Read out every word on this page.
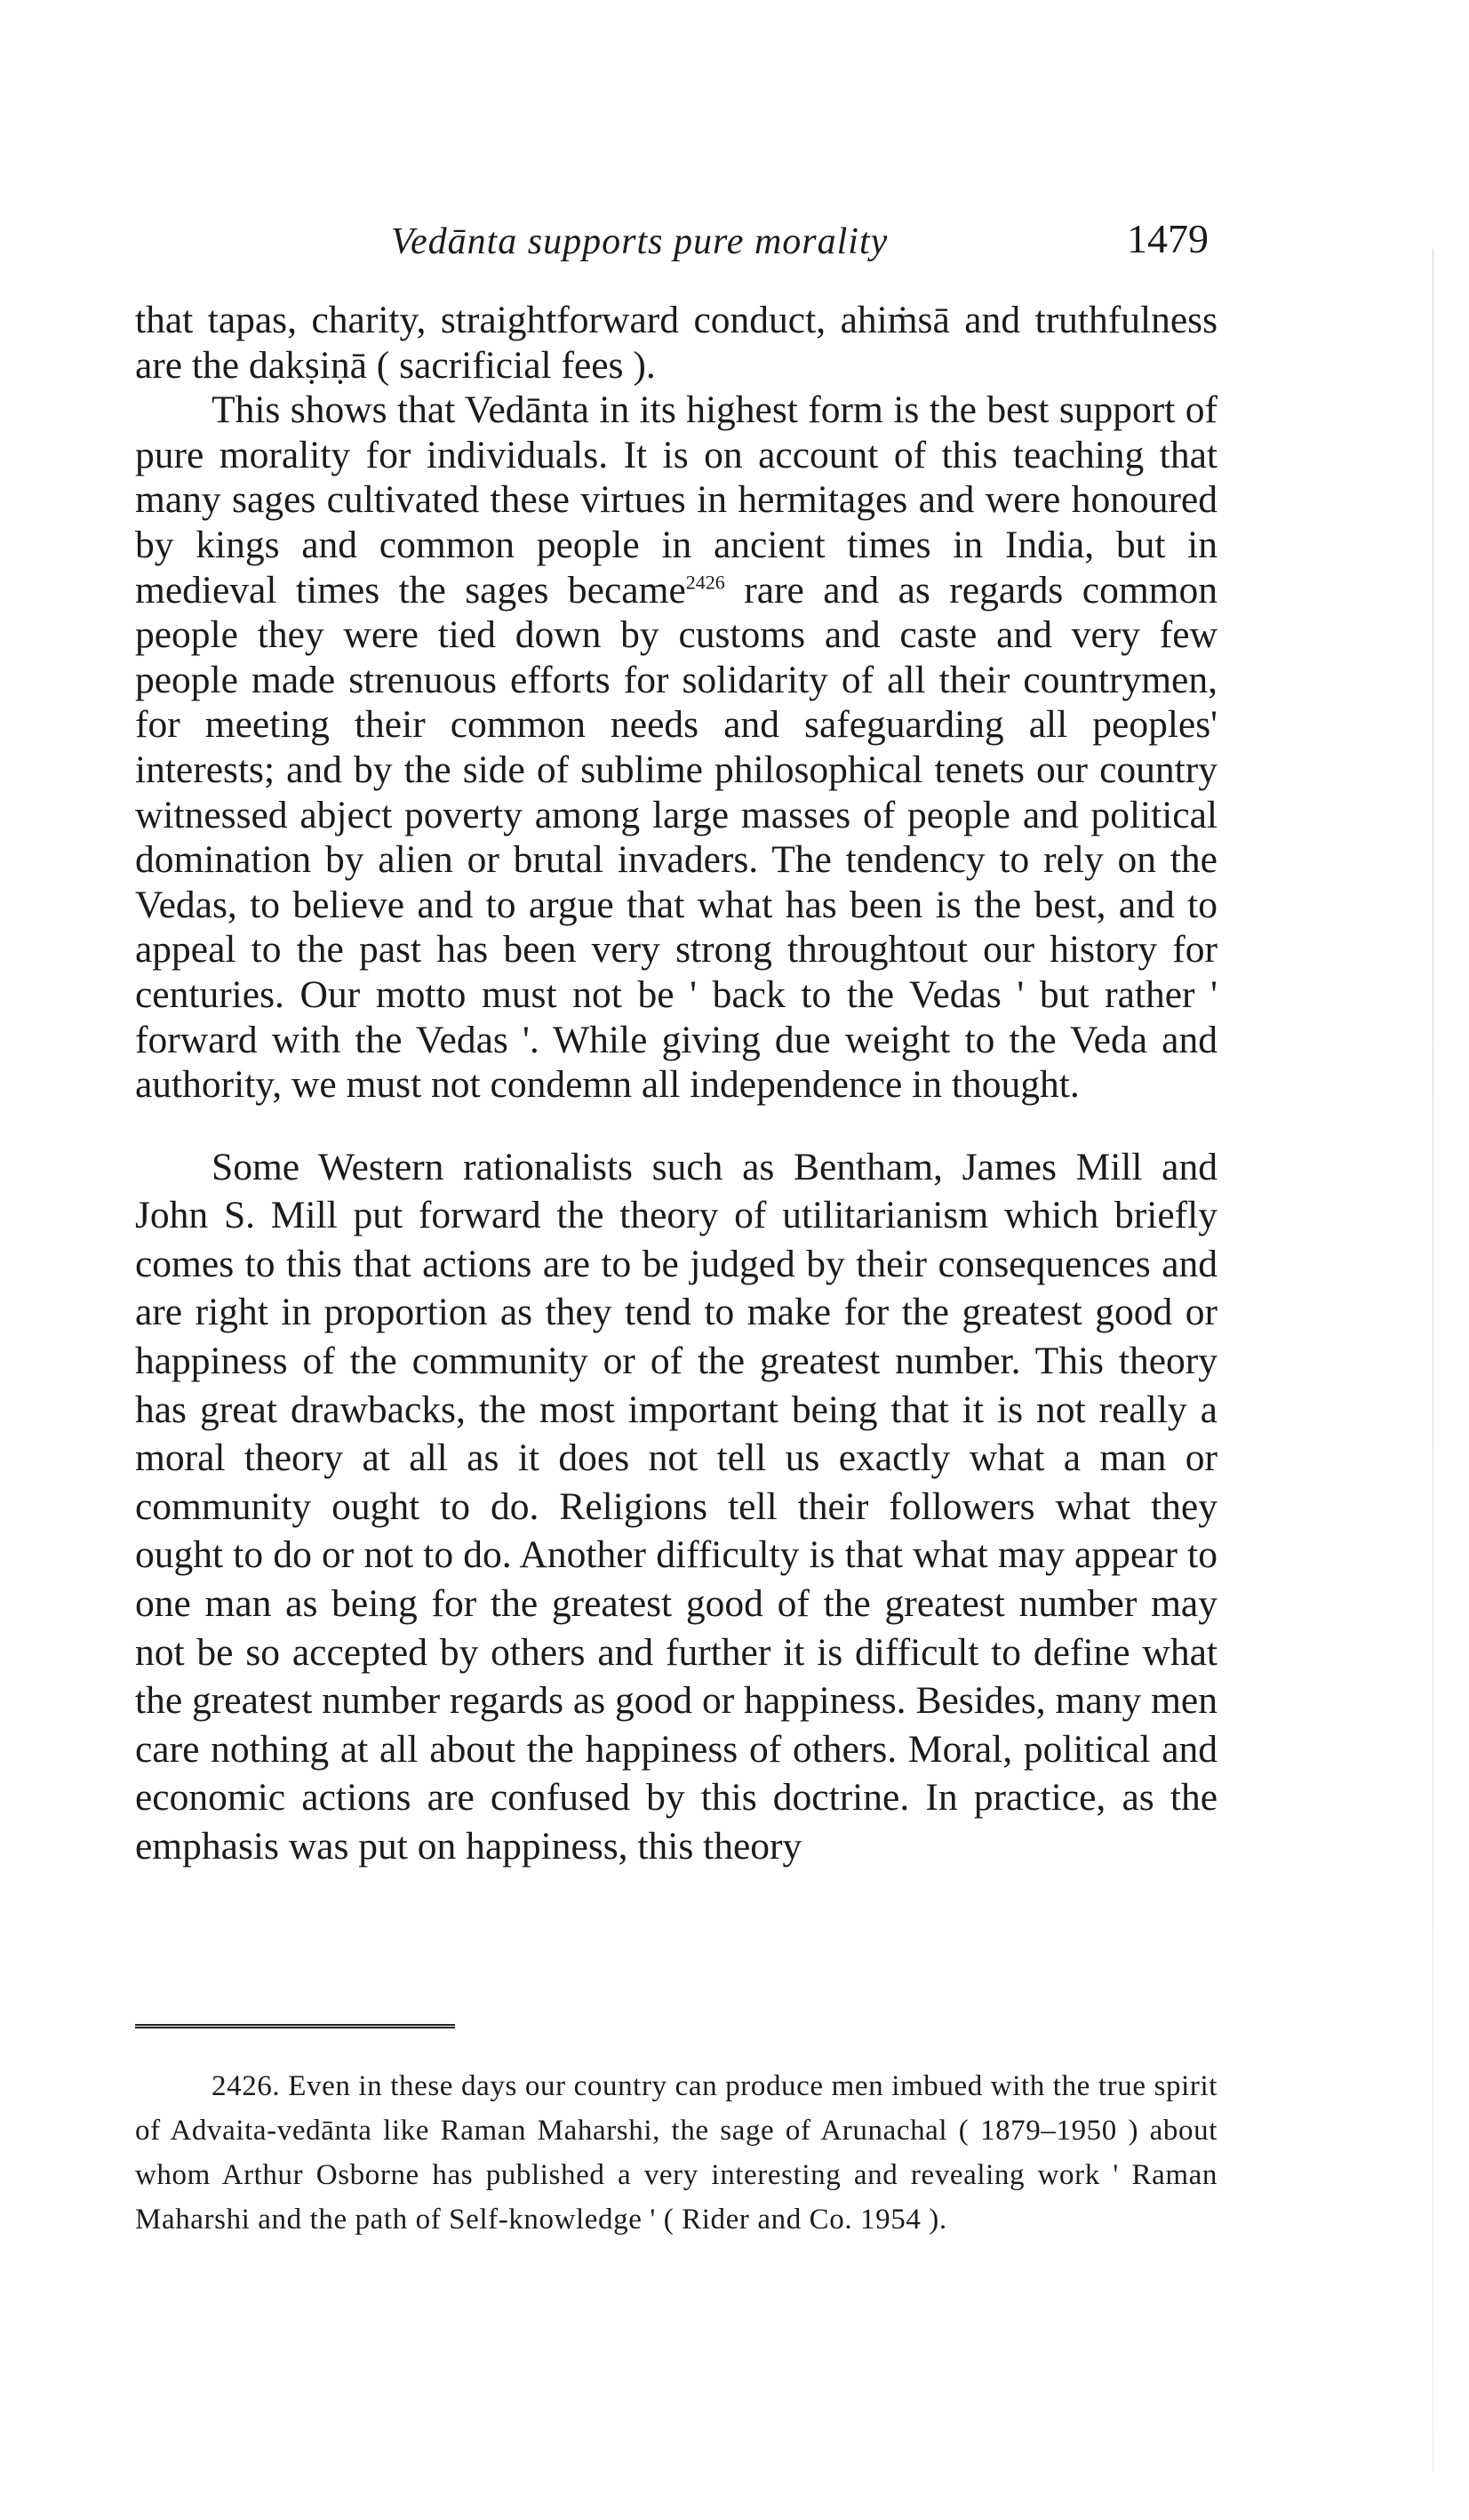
Vedānta supports pure morality	1479

that tapas, charity, straightforward conduct, ahiṁsā and truthfulness are the dakṣiṇā ( sacrificial fees ).

This shows that Vedānta in its highest form is the best support of pure morality for individuals. It is on account of this teaching that many sages cultivated these virtues in hermitages and were honoured by kings and common people in ancient times in India, but in medieval times the sages became$^{2426}$ rare and as regards common people they were tied down by customs and caste and very few people made strenuous efforts for solidarity of all their countrymen, for meeting their common needs and safeguarding all peoples' interests; and by the side of sublime philosophical tenets our country witnessed abject poverty among large masses of people and political domination by alien or brutal invaders. The tendency to rely on the Vedas, to believe and to argue that what has been is the best, and to appeal to the past has been very strong throughtout our history for centuries. Our motto must not be ' back to the Vedas ' but rather ' forward with the Vedas '. While giving due weight to the Veda and authority, we must not condemn all independence in thought.

Some Western rationalists such as Bentham, James Mill and John S. Mill put forward the theory of utilitarianism which briefly comes to this that actions are to be judged by their consequences and are right in proportion as they tend to make for the greatest good or happiness of the community or of the greatest number. This theory has great drawbacks, the most important being that it is not really a moral theory at all as it does not tell us exactly what a man or community ought to do. Religions tell their followers what they ought to do or not to do. Another difficulty is that what may appear to one man as being for the greatest good of the greatest number may not be so accepted by others and further it is difficult to define what the greatest number regards as good or happiness. Besides, many men care nothing at all about the happiness of others. Moral, political and economic actions are confused by this doctrine. In practice, as the emphasis was put on happiness, this theory

2426. Even in these days our country can produce men imbued with the true spirit of Advaita-vedānta like Raman Maharshi, the sage of Arunachal ( 1879–1950 ) about whom Arthur Osborne has published a very interesting and revealing work ' Raman Maharshi and the path of Self-knowledge ' ( Rider and Co. 1954 ).
